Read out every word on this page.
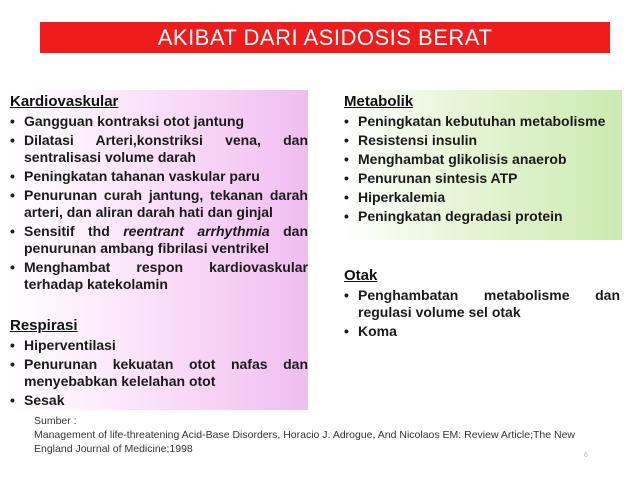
AKIBAT DARI ASIDOSIS BERAT

Kardiovaskular

• Gangguan kontraksi otot jantung
• Dilatasi Arteri,konstriksi vena, dan sentralisasi volume darah
• Peningkatan tahanan vaskular paru
• Penurunan curah jantung, tekanan darah arteri, dan aliran darah hati dan ginjal
• Sensitif thd reentrant arrhythmia dan penurunan ambang fibrilasi ventrikel
• Menghambat respon kardiovaskular terhadap katekolamin

Respirasi

• Hiperventilasi
• Penurunan kekuatan otot nafas dan menyebabkan kelelahan otot
• Sesak

Metabolik

• Peningkatan kebutuhan metabolisme
• Resistensi insulin
• Menghambat glikolisis anaerob
• Penurunan sintesis ATP
• Hiperkalemia
• Peningkatan degradasi protein

Otak

• Penghambatan metabolisme dan regulasi volume sel otak
• Koma
Sumber :
Management of life-threatening Acid-Base Disorders, Horacio J. Adrogue, And Nicolaos EM: Review Article;The New England Journal of Medicine;1998
6
